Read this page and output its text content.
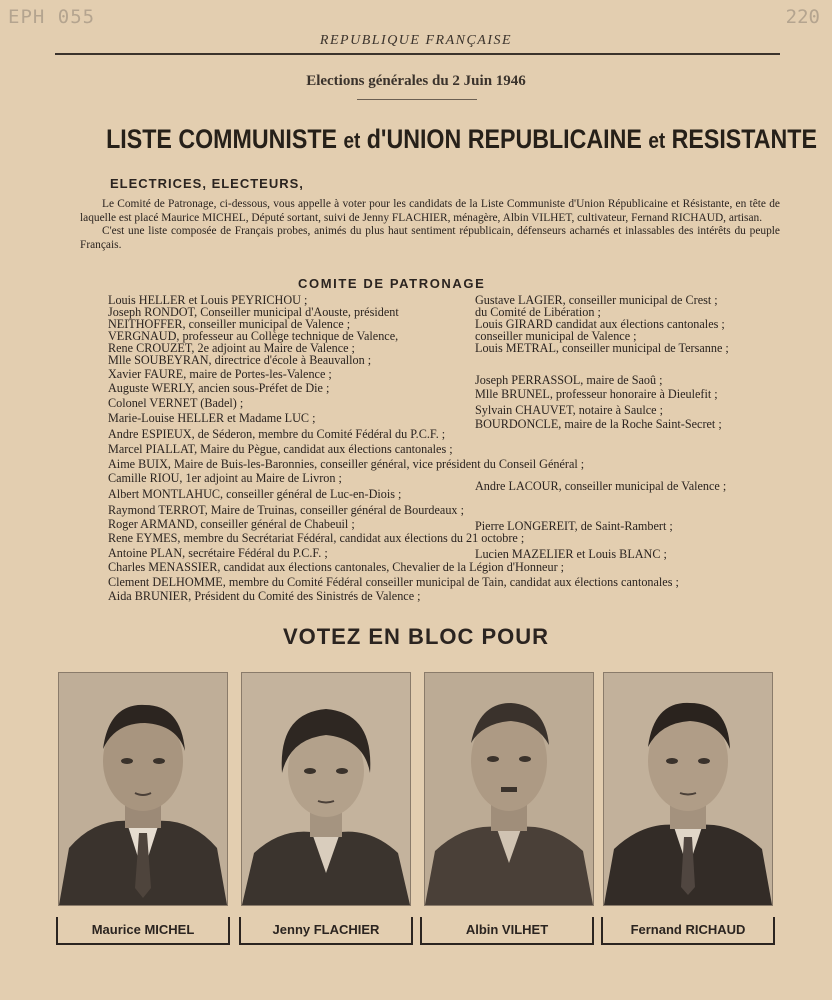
EPH 055	220
REPUBLIQUE FRANÇAISE
Elections générales du 2 Juin 1946
LISTE COMMUNISTE et d'UNION REPUBLICAINE et RESISTANTE
ELECTRICES, ELECTEURS,

Le Comité de Patronage, ci-dessous, vous appelle à voter pour les candidats de la Liste Communiste d'Union Républicaine et Résistante, en tête de laquelle est placé Maurice MICHEL, Député sortant, suivi de Jenny FLACHIER, ménagère, Albin VILHET, cultivateur, Fernand RICHAUD, artisan.

C'est une liste composée de Français probes, animés du plus haut sentiment républicain, défenseurs acharnés et inlassables des intérêts du peuple Français.

COMITE DE PATRONAGE
Louis HELLER et Louis PEYRICHOU ;	Gustave LAGIER, conseiller municipal de Crest ;
Joseph RONDOT, Conseiller municipal d'Aouste, président	du Comité de Libération ;
NEITHOFFER, conseiller municipal de Valence ;	Louis GIRARD candidat aux élections cantonales ;
VERGNAUD, professeur au Collège technique de Valence,	conseiller municipal de Valence ;
Rene CROUZET, 2e adjoint au Maire de Valence ;	Louis METRAL, conseiller municipal de Tersanne ;
Mlle SOUBEYRAN, directrice d'école à Beauvallon ;
Xavier FAURE, maire de Portes-les-Valence ;	Joseph PERRASSOL, maire de Saoû ;
Auguste WERLY, ancien sous-Préfet de Die ;	Mlle BRUNEL, professeur honoraire à Dieulefit ;
Colonel VERNET (Badel) ;	Sylvain CHAUVET, notaire à Saulce ;
Marie-Louise HELLER et Madame LUC ;	BOURDONCLE, maire de la Roche Saint-Secret ;
Andre ESPIEUX, de Séderon, membre du Comité Fédéral du P.C.F. ;
Marcel PIALLAT, Maire du Pègue, candidat aux élections cantonales ;
Aime BUIX, Maire de Buis-les-Baronnies, conseiller général, vice président du Conseil Général ;
Camille RIOU, 1er adjoint au Maire de Livron ;
Andre LACOUR, conseiller municipal de Valence ;
Albert MONTLAHUC, conseiller général de Luc-en-Diois ;
Raymond TERROT, Maire de Truinas, conseiller général de Bourdeaux ;
Roger ARMAND, conseiller général de Chabeuil ;	Pierre LONGEREIT, de Saint-Rambert ;
Rene EYMES, membre du Secrétariat Fédéral, candidat aux élections du 21 octobre ;
Antoine PLAN, secrétaire Fédéral du P.C.F. ;	Lucien MAZELIER et Louis BLANC ;
Charles MENASSIER, candidat aux élections cantonales, Chevalier de la Légion d'Honneur ;
Clement DELHOMME, membre du Comité Fédéral conseiller municipal de Tain, candidat aux élections cantonales ;
Aida BRUNIER, Président du Comité des Sinistrés de Valence ;
VOTEZ EN BLOC POUR
Maurice MICHEL	Jenny FLACHIER	Albin VILHET	Fernand RICHAUD
